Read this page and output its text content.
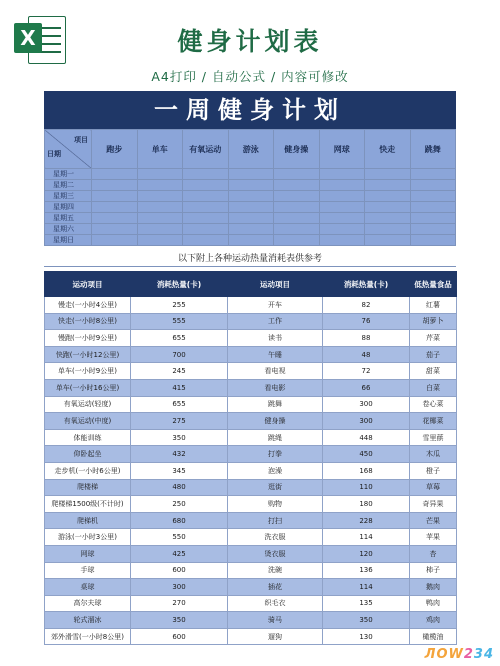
X	健身计划表
A4打印 / 自动公式 / 内容可修改
一周健身计划
项目
日期	跑步	单车	有氧运动	游泳	健身操	网球	快走	跳舞
星期一								
星期二								
星期三								
星期四								
星期五								
星期六								
星期日								
以下附上各种运动热量消耗表供参考
运动项目	消耗热量(卡)	运动项目	消耗热量(卡)	低热量食品
慢走(一小时4公里)	255	开车	82	红薯
快走(一小时8公里)	555	工作	76	胡萝卜
慢跑(一小时9公里)	655	读书	88	芹菜
快跑(一小时12公里)	700	午睡	48	茄子
单车(一小时9公里)	245	看电视	72	甜菜
单车(一小时16公里)	415	看电影	66	白菜
有氧运动(轻度)	655	跳舞	300	卷心菜
有氧运动(中度)	275	健身操	300	花椰菜
体能训练	350	跳绳	448	雪里蕻
仰卧起坐	432	打拳	450	木瓜
走步机(一小时6公里)	345	泡澡	168	橙子
爬楼梯	480	逛街	110	草莓
爬楼梯1500级(不计时)	250	购物	180	奇异果
爬梯机	680	打扫	228	芒果
游泳(一小时3公里)	550	洗衣服	114	苹果
网球	425	烫衣服	120	杏
手球	600	洗碗	136	柿子
桌球	300	插花	114	鹅肉
高尔夫球	270	织毛衣	135	鸭肉
轮式溜冰	350	骑马	350	鸡肉
郊外滑雪(一小时8公里)	600	遛狗	130	橄榄油
ЛOW234
